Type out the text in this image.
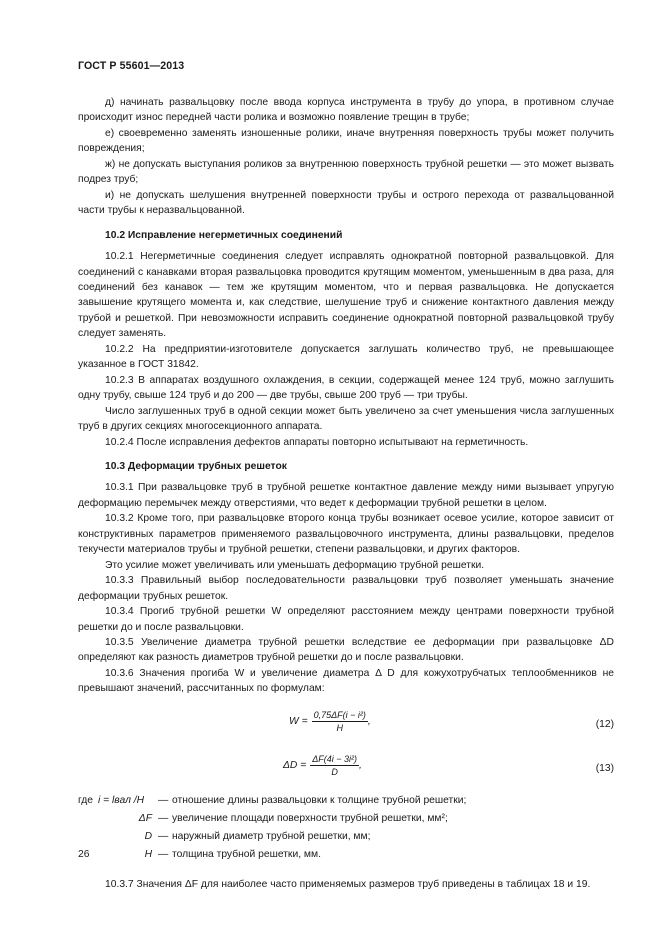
ГОСТ Р 55601—2013

д) начинать развальцовку после ввода корпуса инструмента в трубу до упора, в противном случае происходит износ передней части ролика и возможно появление трещин в трубе;

е) своевременно заменять изношенные ролики, иначе внутренняя поверхность трубы может получить повреждения;

ж) не допускать выступания роликов за внутреннюю поверхность трубной решетки — это может вызвать подрез труб;

и) не допускать шелушения внутренней поверхности трубы и острого перехода от развальцованной части трубы к неразвальцованной.

10.2 Исправление негерметичных соединений

10.2.1 Негерметичные соединения следует исправлять однократной повторной развальцовкой. Для соединений с канавками вторая развальцовка проводится крутящим моментом, уменьшенным в два раза, для соединений без канавок — тем же крутящим моментом, что и первая развальцовка. Не допускается завышение крутящего момента и, как следствие, шелушение труб и снижение контактного давления между трубой и решеткой. При невозможности исправить соединение однократной повторной развальцовкой трубу следует заменять.

10.2.2 На предприятии-изготовителе допускается заглушать количество труб, не превышающее указанное в ГОСТ 31842.

10.2.3 В аппаратах воздушного охлаждения, в секции, содержащей менее 124 труб, можно заглушить одну трубу, свыше 124 труб и до 200 — две трубы, свыше 200 труб — три трубы.

Число заглушенных труб в одной секции может быть увеличено за счет уменьшения числа заглушенных труб в других секциях многосекционного аппарата.

10.2.4 После исправления дефектов аппараты повторно испытывают на герметичность.

10.3 Деформации трубных решеток

10.3.1 При развальцовке труб в трубной решетке контактное давление между ними вызывает упругую деформацию перемычек между отверстиями, что ведет к деформации трубной решетки в целом.

10.3.2 Кроме того, при развальцовке второго конца трубы возникает осевое усилие, которое зависит от конструктивных параметров применяемого развальцовочного инструмента, длины развальцовки, пределов текучести материалов трубы и трубной решетки, степени развальцовки, и других факторов.

Это усилие может увеличивать или уменьшать деформацию трубной решетки.

10.3.3 Правильный выбор последовательности развальцовки труб позволяет уменьшать значение деформации трубных решеток.

10.3.4 Прогиб трубной решетки W определяют расстоянием между центрами поверхности трубной решетки до и после развальцовки.

10.3.5 Увеличение диаметра трубной решетки вследствие ее деформации при развальцовке ΔD определяют как разность диаметров трубной решетки до и после развальцовки.

10.3.6 Значения прогиба W и увеличение диаметра Δ D для кожухотрубчатых теплообменников не превышают значений, рассчитанных по формулам:

$W = \frac{\text{0,75ΔF(i − i²)}}{H}$ ,	(12)
$\Delta D = \frac{\text{ΔF(4i − 3i²)}}{D}$ ,	(13)
где i = lвал /H	— отношение длины развальцовки к толщине трубной решетки;
ΔF — увеличение площади поверхности трубной решетки, мм²;
D — наружный диаметр трубной решетки, мм;
H — толщина трубной решетки, мм.

10.3.7 Значения ΔF для наиболее часто применяемых размеров труб приведены в таблицах 18 и 19.

26
